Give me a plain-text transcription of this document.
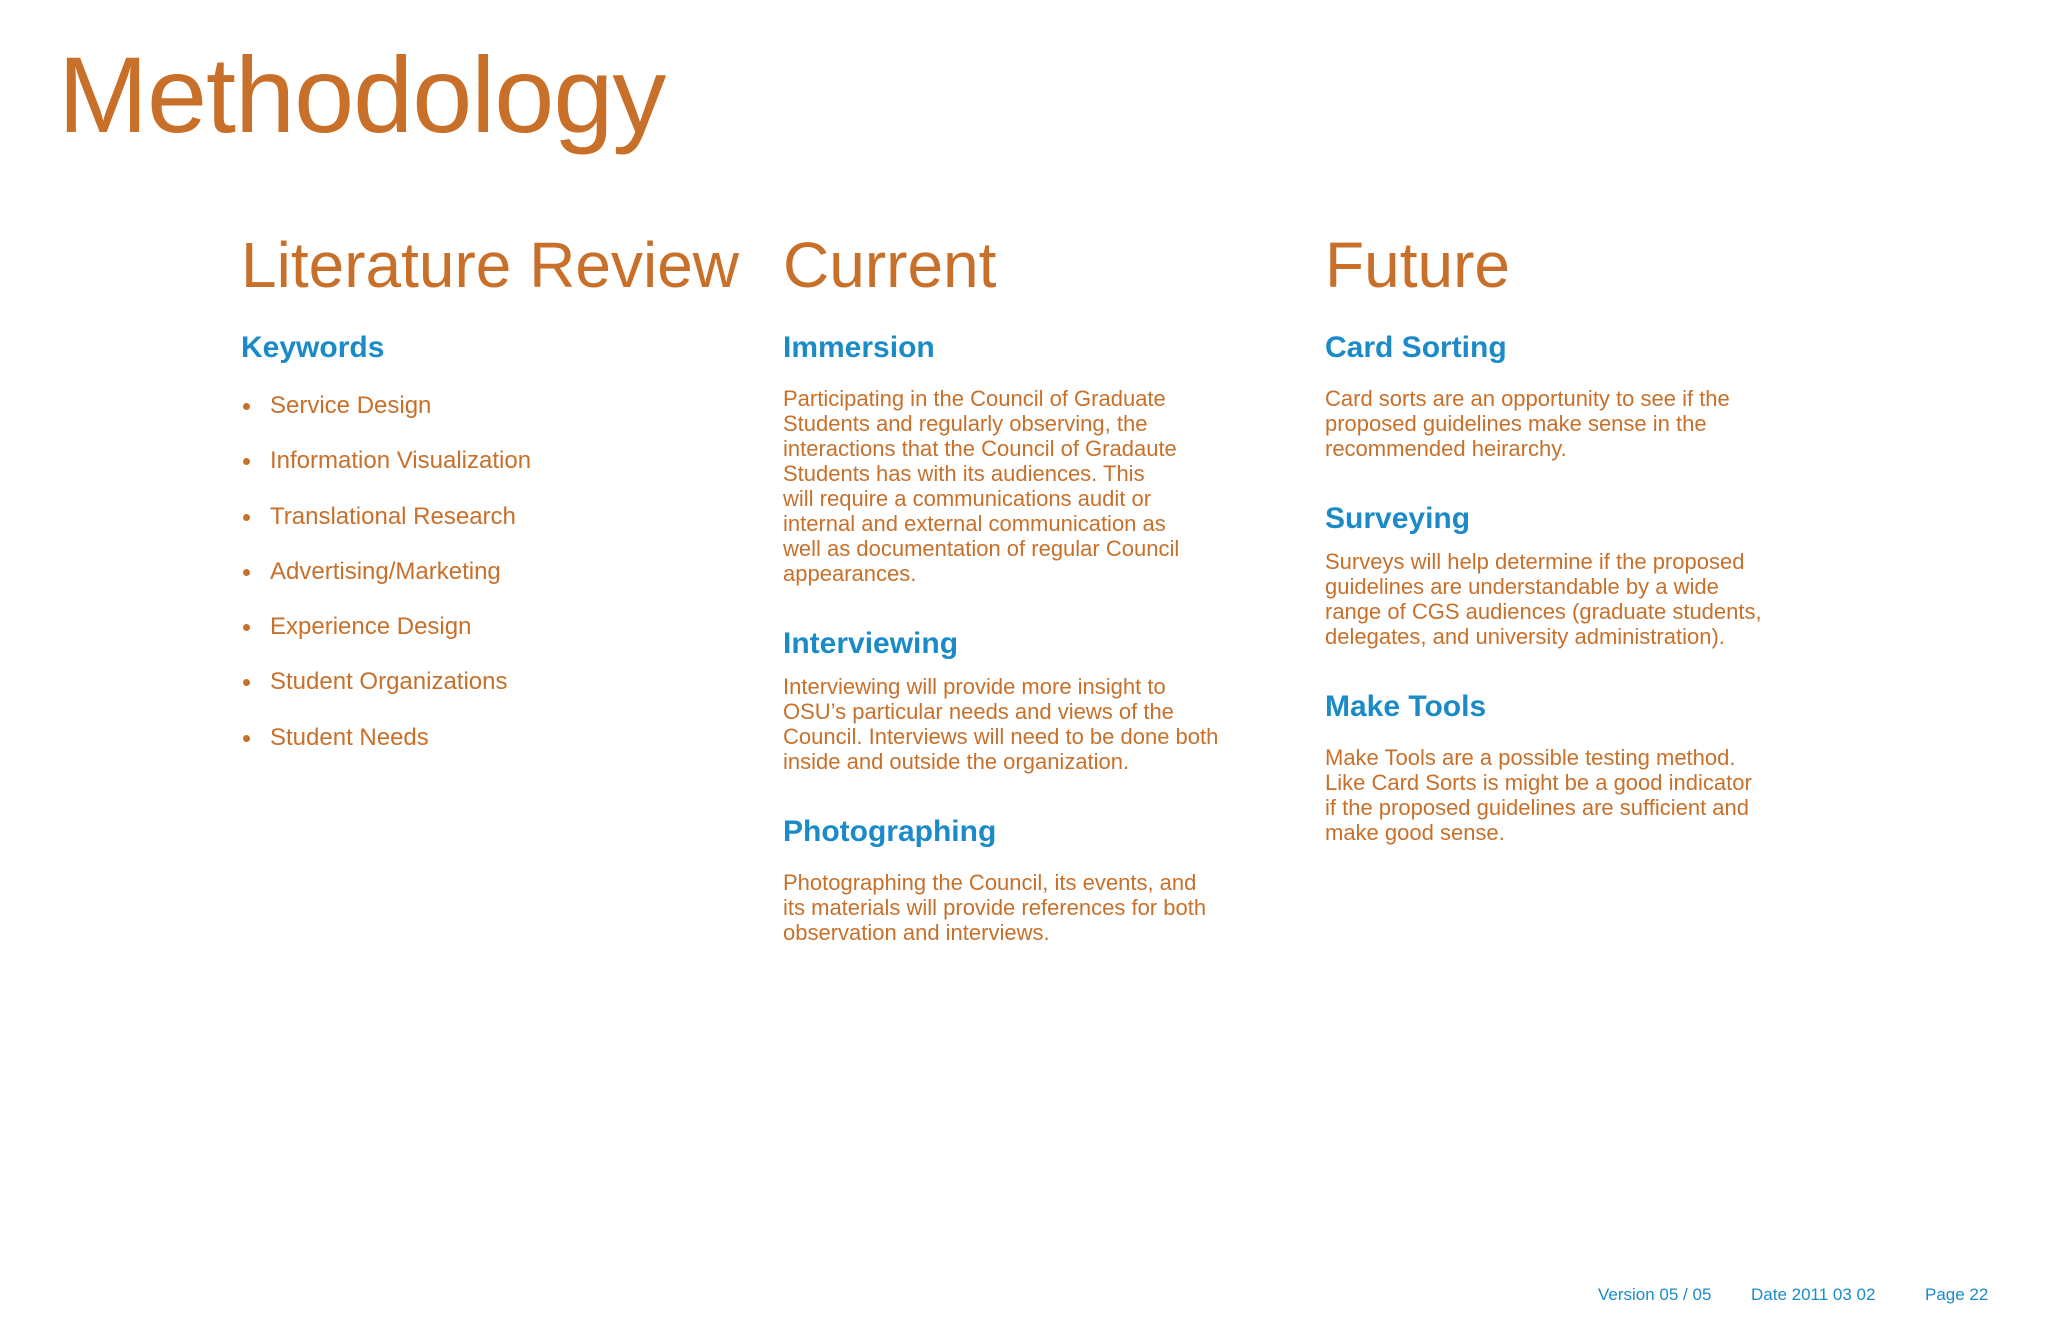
Methodology
Literature Review
Keywords
Service Design
Information Visualization
Translational Research
Advertising/Marketing
Experience Design
Student Organizations
Student Needs
Current
Immersion

Participating in the Council of Graduate
Students and regularly observing, the
interactions that the Council of Gradaute
Students has with its audiences. This
will require a communications audit or
internal and external communication as
well as documentation of regular Council
appearances.

Interviewing

Interviewing will provide more insight to
OSU’s particular needs and views of the
Council. Interviews will need to be done both
inside and outside the organization.

Photographing

Photographing the Council, its events, and
its materials will provide references for both
observation and interviews.

Future
Card Sorting

Card sorts are an opportunity to see if the
proposed guidelines make sense in the
recommended heirarchy.

Surveying

Surveys will help determine if the proposed
guidelines are understandable by a wide
range of CGS audiences (graduate students,
delegates, and university administration).

Make Tools

Make Tools are a possible testing method.
Like Card Sorts is might be a good indicator
if the proposed guidelines are sufficient and
make good sense.

Version 05 / 05 Date 2011 03 02	Page 22
